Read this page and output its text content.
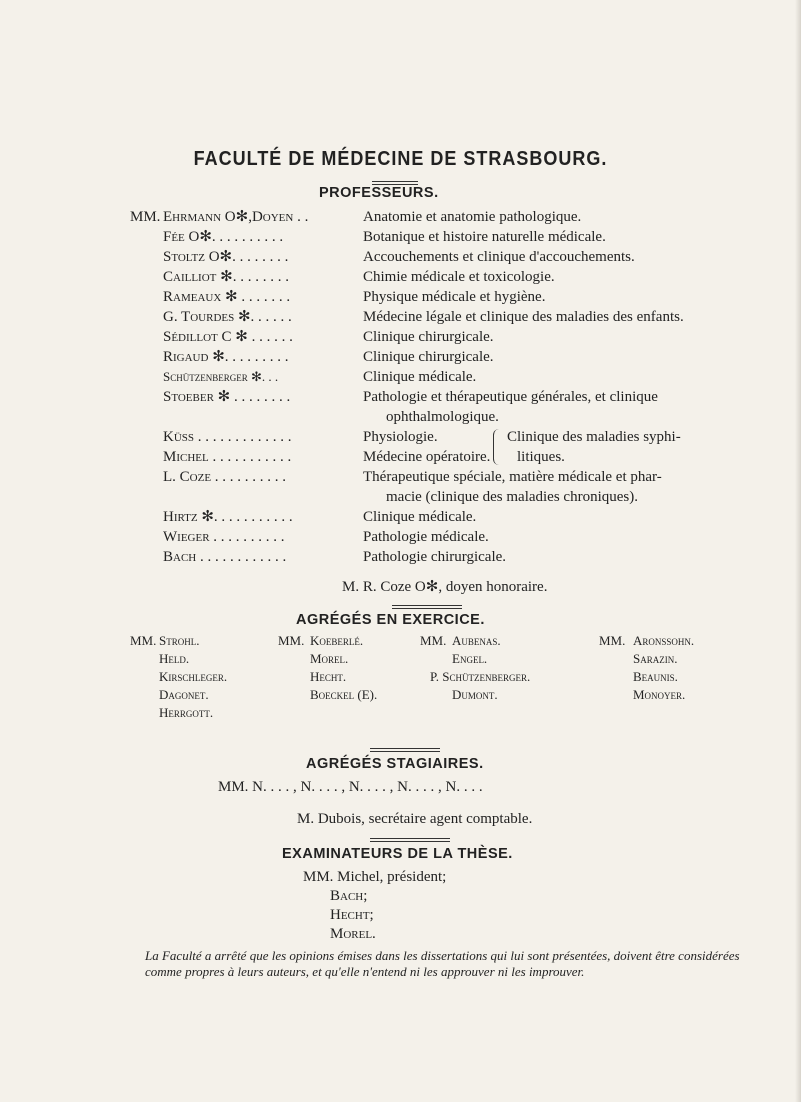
FACULTÉ DE MÉDECINE DE STRASBOURG.
PROFESSEURS.
MM. Ehrmann O✻,Doyen . .	Anatomie et anatomie pathologique.
Fée O✻. . . . . . . . . .	Botanique et histoire naturelle médicale.
Stoltz O✻. . . . . . . .	Accouchements et clinique d'accouchements.
Cailliot ✻. . . . . . . .	Chimie médicale et toxicologie.
Rameaux ✻ . . . . . . .	Physique médicale et hygiène.
G. Tourdes ✻. . . . . .	Médecine légale et clinique des maladies des enfants.
Sédillot C ✻ . . . . . .	Clinique chirurgicale.
Rigaud ✻. . . . . . . . .	Clinique chirurgicale.
Schützenberger ✻. . .	Clinique médicale.
Stoeber ✻ . . . . . . . .	Pathologie et thérapeutique générales, et clinique
ophthalmologique.
Küss . . . . . . . . . . . . .	Physiologie.
Michel . . . . . . . . . . .	Médecine opératoire.
Clinique des maladies syphi-
litiques.
L. Coze . . . . . . . . . .	Thérapeutique spéciale, matière médicale et phar-
macie (clinique des maladies chroniques).
Hirtz ✻. . . . . . . . . . .	Clinique médicale.
Wieger . . . . . . . . . .	Pathologie médicale.
Bach . . . . . . . . . . . .	Pathologie chirurgicale.
M. R. Coze O✻, doyen honoraire.
AGRÉGÉS EN EXERCICE.
MM. Strohl.
Held.
Kirschleger.
Dagonet.
Herrgott.
MM. Koeberlé.
Morel.
Hecht.
Boeckel (E).
MM. Aubenas.
Engel.
P. Schützenberger.
Dumont.
MM. Aronssohn.
Sarazin.
Beaunis.
Monoyer.
AGRÉGÉS STAGIAIRES.
MM. N. . . . , N. . . . , N. . . . , N. . . . , N. . . .
M. Dubois, secrétaire agent comptable.
EXAMINATEURS DE LA THÈSE.
MM. Michel, président;
Bach;
Hecht;
Morel.
La Faculté a arrêté que les opinions émises dans les dissertations qui lui sont présentées, doivent être considérées comme propres à leurs auteurs, et qu'elle n'entend ni les approuver ni les improuver.
